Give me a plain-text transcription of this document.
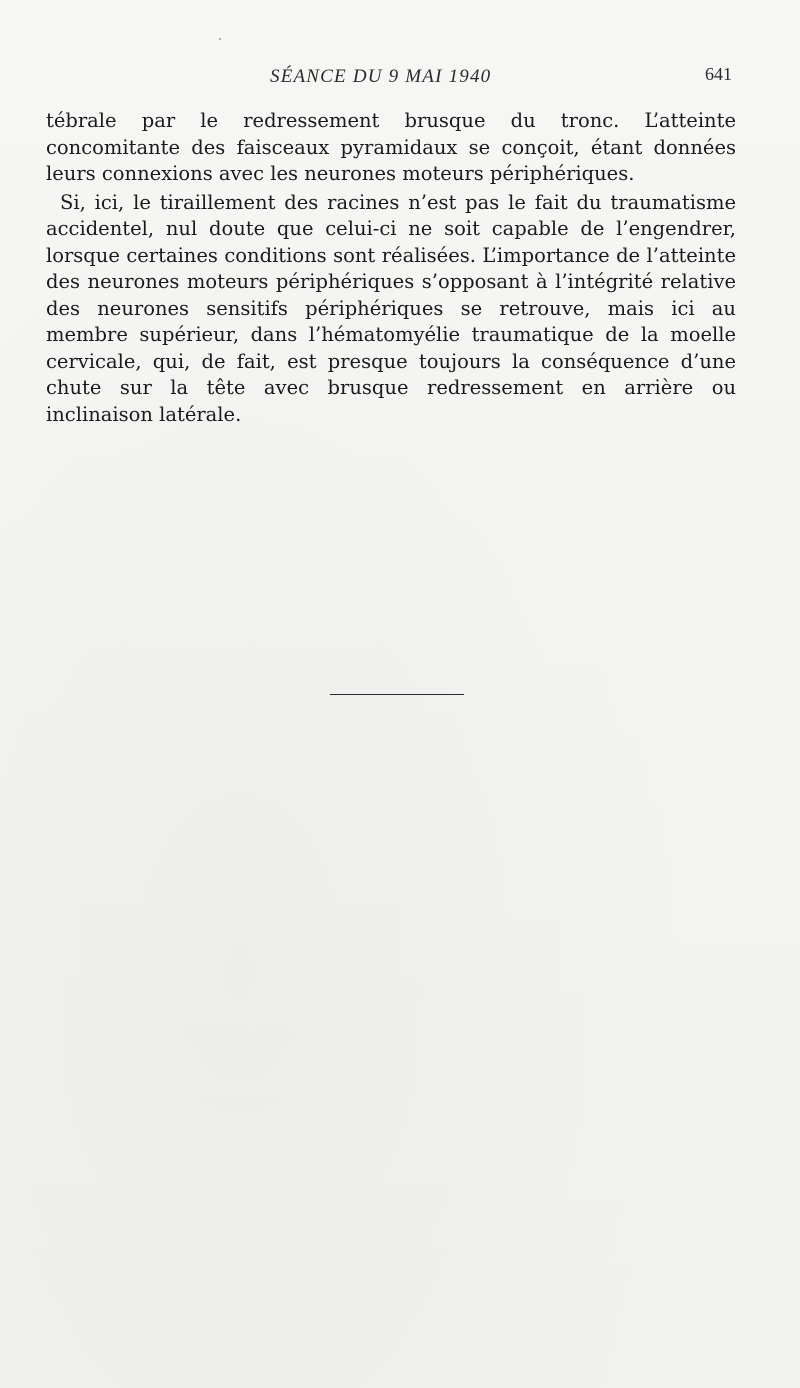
SÉANCE DU 9 MAI 1940	641

tébrale par le redressement brusque du tronc. L’atteinte concomitante des faisceaux pyramidaux se conçoit, étant données leurs connexions avec les neurones moteurs périphériques.

Si, ici, le tiraillement des racines n’est pas le fait du traumatisme accidentel, nul doute que celui-ci ne soit capable de l’engendrer, lorsque certaines conditions sont réalisées. L’importance de l’atteinte des neurones moteurs périphériques s’opposant à l’intégrité relative des neurones sensitifs périphériques se retrouve, mais ici au membre supérieur, dans l’hématomyélie traumatique de la moelle cervicale, qui, de fait, est presque toujours la conséquence d’une chute sur la tête avec brusque redressement en arrière ou inclinaison latérale.
